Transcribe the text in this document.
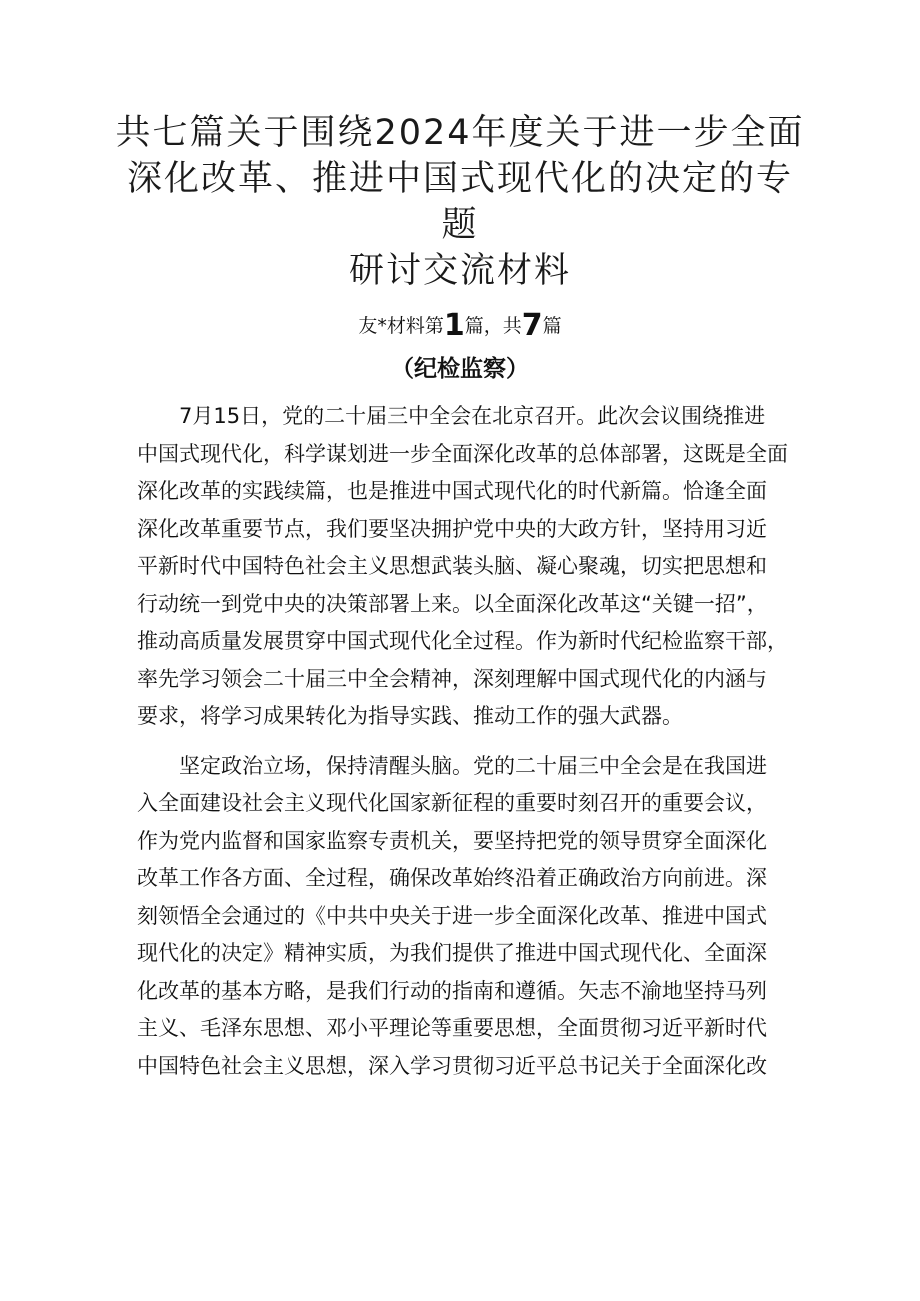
共七篇关于围绕2024年度关于进一步全面
深化改革、推进中国式现代化的决定的专题
研讨交流材料
友*材料第1篇，共7篇
（纪检监察）

7月15日，党的二十届三中全会在北京召开。此次会议围绕推进
中国式现代化，科学谋划进一步全面深化改革的总体部署，这既是全面
深化改革的实践续篇，也是推进中国式现代化的时代新篇。恰逢全面
深化改革重要节点，我们要坚决拥护党中央的大政方针，坚持用习近
平新时代中国特色社会主义思想武装头脑、凝心聚魂，切实把思想和
行动统一到党中央的决策部署上来。以全面深化改革这“关键一招”，
推动高质量发展贯穿中国式现代化全过程。作为新时代纪检监察干部，
率先学习领会二十届三中全会精神，深刻理解中国式现代化的内涵与
要求，将学习成果转化为指导实践、推动工作的强大武器。

坚定政治立场，保持清醒头脑。党的二十届三中全会是在我国进
入全面建设社会主义现代化国家新征程的重要时刻召开的重要会议，
作为党内监督和国家监察专责机关，要坚持把党的领导贯穿全面深化
改革工作各方面、全过程，确保改革始终沿着正确政治方向前进。深
刻领悟全会通过的《中共中央关于进一步全面深化改革、推进中国式
现代化的决定》精神实质，为我们提供了推进中国式现代化、全面深
化改革的基本方略，是我们行动的指南和遵循。矢志不渝地坚持马列
主义、毛泽东思想、邓小平理论等重要思想，全面贯彻习近平新时代
中国特色社会主义思想，深入学习贯彻习近平总书记关于全面深化改
